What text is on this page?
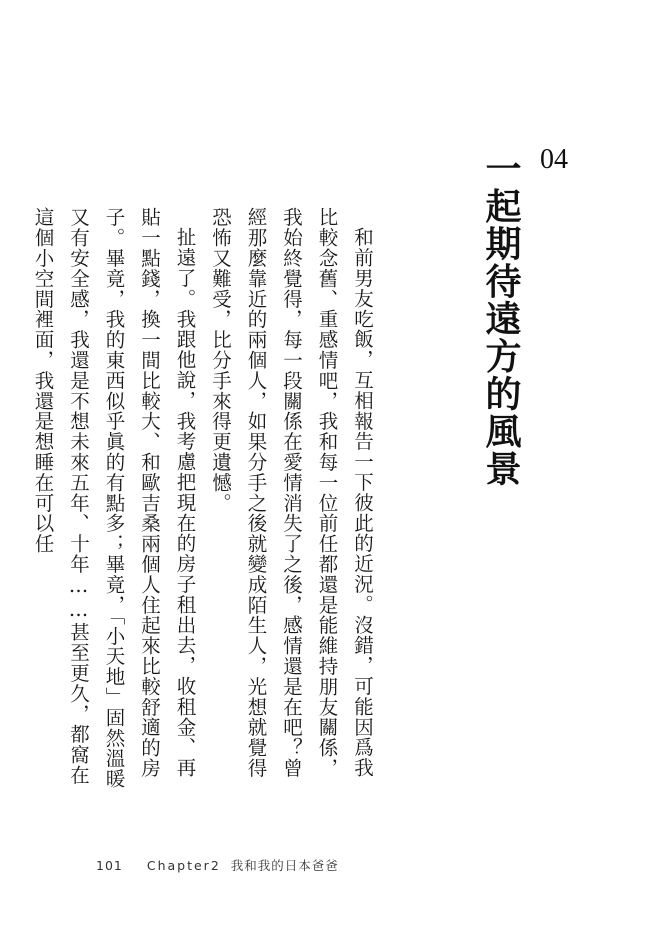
04
一起期待遠方的風景

和前男友吃飯，互相報告一下彼此的近況。沒錯，可能因爲我比較念舊、重感情吧，我和每一位前任都還是能維持朋友關係，我始終覺得，每一段關係在愛情消失了之後，感情還是在吧？曾經那麼靠近的兩個人，如果分手之後就變成陌生人，光想就覺得恐怖又難受，比分手來得更遺憾。

扯遠了。我跟他說，我考慮把現在的房子租出去，收租金、再貼一點錢，換一間比較大、和歐吉桑兩個人住起來比較舒適的房子。畢竟，我的東西似乎眞的有點多；畢竟，「小天地」固然溫暖又有安全感，我還是不想未來五年、十年……甚至更久，都窩在這個小空間裡面，我還是想睡在可以任

101 Chapter2 我和我的日本爸爸
